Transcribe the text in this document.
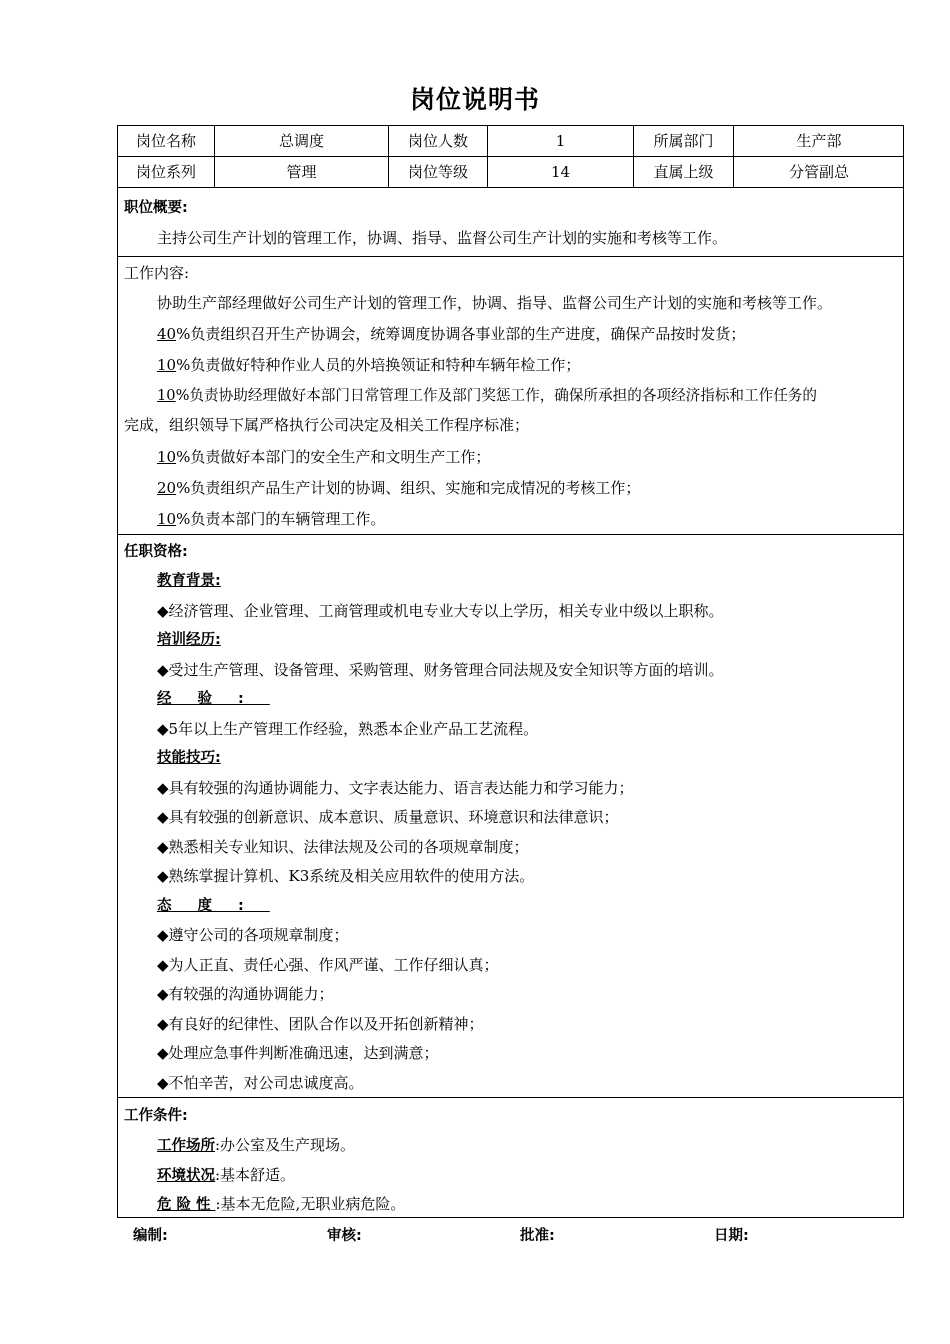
岗位说明书
岗位名称	总调度	岗位人数	1	所属部门	生产部
岗位系列	管理	岗位等级	14	直属上级	分管副总
职位概要:
主持公司生产计划的管理工作，协调、指导、监督公司生产计划的实施和考核等工作。
工作内容:
协助生产部经理做好公司生产计划的管理工作，协调、指导、监督公司生产计划的实施和考核等工作。
40%负责组织召开生产协调会，统筹调度协调各事业部的生产进度，确保产品按时发货；
10%负责做好特种作业人员的外培换领证和特种车辆年检工作；
10%负责协助经理做好本部门日常管理工作及部门奖惩工作，确保所承担的各项经济指标和工作任务的
完成，组织领导下属严格执行公司决定及相关工作程序标准；
10%负责做好本部门的安全生产和文明生产工作；
20%负责组织产品生产计划的协调、组织、实施和完成情况的考核工作；
10%负责本部门的车辆管理工作。
任职资格:
教育背景:
◆经济管理、企业管理、工商管理或机电专业大专以上学历，相关专业中级以上职称。
培训经历:
◆受过生产管理、设备管理、采购管理、财务管理合同法规及安全知识等方面的培训。
经验:
◆5年以上生产管理工作经验，熟悉本企业产品工艺流程。
技能技巧:
◆具有较强的沟通协调能力、文字表达能力、语言表达能力和学习能力；
◆具有较强的创新意识、成本意识、质量意识、环境意识和法律意识；
◆熟悉相关专业知识、法律法规及公司的各项规章制度；
◆熟练掌握计算机、K3系统及相关应用软件的使用方法。
态度:
◆遵守公司的各项规章制度；
◆为人正直、责任心强、作风严谨、工作仔细认真；
◆有较强的沟通协调能力；
◆有良好的纪律性、团队合作以及开拓创新精神；
◆处理应急事件判断准确迅速，达到满意；
◆不怕辛苦，对公司忠诚度高。
工作条件:
工作场所:办公室及生产现场。
环境状况:基本舒适。
危险性:基本无危险,无职业病危险。
编制:	审核:	批准:	日期:
